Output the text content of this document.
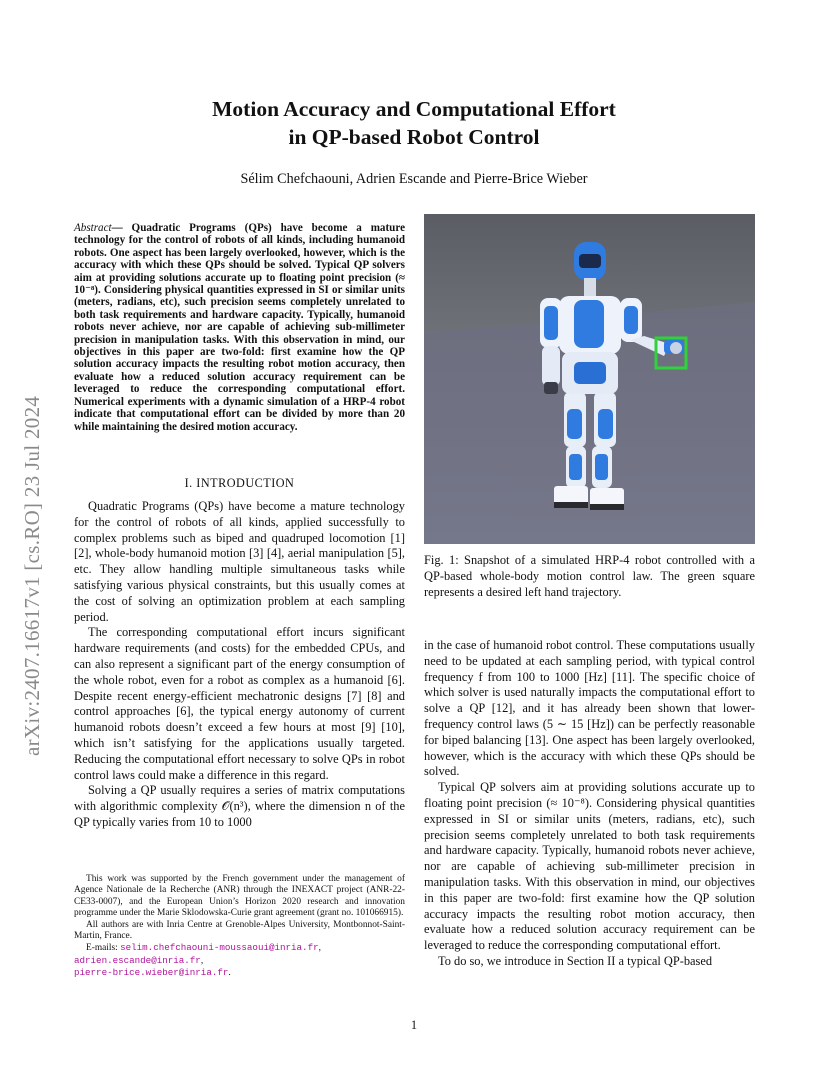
arXiv:2407.16617v1 [cs.RO] 23 Jul 2024
Motion Accuracy and Computational Effort
in QP-based Robot Control
Sélim Chefchaouni, Adrien Escande and Pierre-Brice Wieber
Abstract— Quadratic Programs (QPs) have become a mature technology for the control of robots of all kinds, including humanoid robots. One aspect has been largely overlooked, however, which is the accuracy with which these QPs should be solved. Typical QP solvers aim at providing solutions accurate up to floating point precision (≈ 10⁻⁸). Considering physical quantities expressed in SI or similar units (meters, radians, etc), such precision seems completely unrelated to both task requirements and hardware capacity. Typically, humanoid robots never achieve, nor are capable of achieving sub-millimeter precision in manipulation tasks. With this observation in mind, our objectives in this paper are two-fold: first examine how the QP solution accuracy impacts the resulting robot motion accuracy, then evaluate how a reduced solution accuracy requirement can be leveraged to reduce the corresponding computational effort. Numerical experiments with a dynamic simulation of a HRP-4 robot indicate that computational effort can be divided by more than 20 while maintaining the desired motion accuracy.
I. INTRODUCTION

Quadratic Programs (QPs) have become a mature technology for the control of robots of all kinds, applied successfully to complex problems such as biped and quadruped locomotion [1] [2], whole-body humanoid motion [3] [4], aerial manipulation [5], etc. They allow handling multiple simultaneous tasks while satisfying various physical constraints, but this usually comes at the cost of solving an optimization problem at each sampling period.

The corresponding computational effort incurs significant hardware requirements (and costs) for the embedded CPUs, and can also represent a significant part of the energy consumption of the whole robot, even for a robot as complex as a humanoid [6]. Despite recent energy-efficient mechatronic designs [7] [8] and control approaches [6], the typical energy autonomy of current humanoid robots doesn’t exceed a few hours at most [9] [10], which isn’t satisfying for the applications usually targeted. Reducing the computational effort necessary to solve QPs in robot control laws could make a difference in this regard.

Solving a QP usually requires a series of matrix computations with algorithmic complexity 𝒪(n³), where the dimension n of the QP typically varies from 10 to 1000

This work was supported by the French government under the management of Agence Nationale de la Recherche (ANR) through the INEXACT project (ANR-22-CE33-0007), and the European Union’s Horizon 2020 research and innovation programme under the Marie Sklodowska-Curie grant agreement (grant no. 101066915).

All authors are with Inria Centre at Grenoble-Alpes University, Montbonnot-Saint-Martin, France.

E-mails: selim.chefchaouni-moussaoui@inria.fr,
adrien.escande@inria.fr,
pierre-brice.wieber@inria.fr.

Fig. 1: Snapshot of a simulated HRP-4 robot controlled with a QP-based whole-body motion control law. The green square represents a desired left hand trajectory.

in the case of humanoid robot control. These computations usually need to be updated at each sampling period, with typical control frequency f from 100 to 1000 [Hz] [11]. The specific choice of which solver is used naturally impacts the computational effort to solve a QP [12], and it has already been shown that lower-frequency control laws (5 ∼ 15 [Hz]) can be perfectly reasonable for biped balancing [13]. One aspect has been largely overlooked, however, which is the accuracy with which these QPs should be solved.

Typical QP solvers aim at providing solutions accurate up to floating point precision (≈ 10⁻⁸). Considering physical quantities expressed in SI or similar units (meters, radians, etc), such precision seems completely unrelated to both task requirements and hardware capacity. Typically, humanoid robots never achieve, nor are capable of achieving sub-millimeter precision in manipulation tasks. With this observation in mind, our objectives in this paper are two-fold: first examine how the QP solution accuracy impacts the resulting robot motion accuracy, then evaluate how a reduced solution accuracy requirement can be leveraged to reduce the corresponding computational effort.

To do so, we introduce in Section II a typical QP-based

1
